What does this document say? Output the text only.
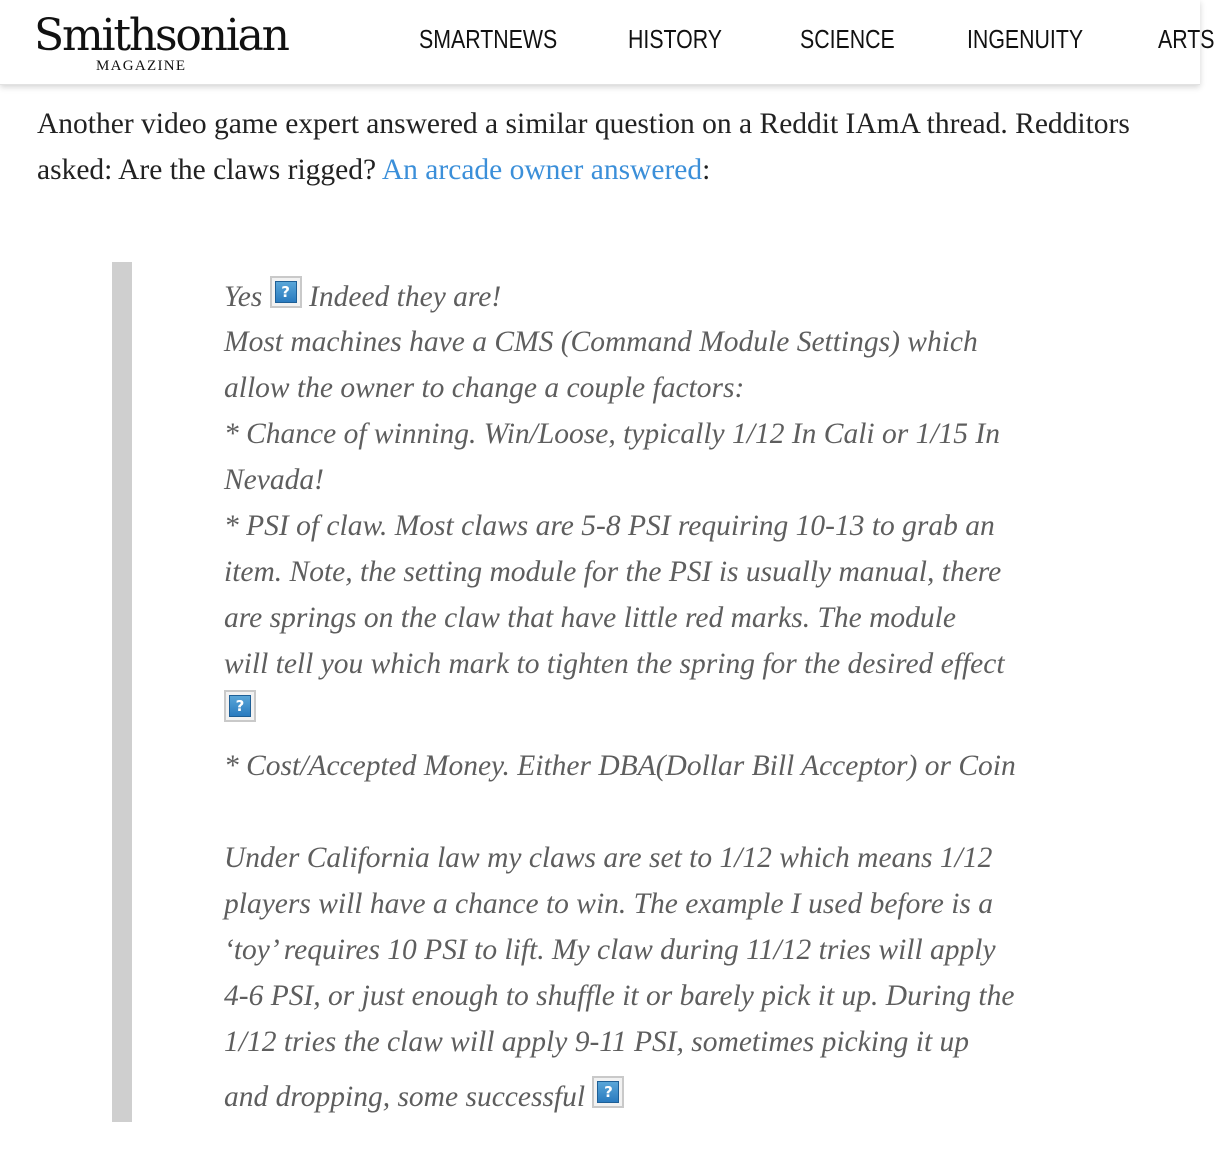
Smithsonian
MAGAZINE
SMARTNEWS	HISTORY	SCIENCE	INGENUITY	ARTS

Another video game expert answered a similar question on a Reddit IAmA thread. Redditors asked: Are the claws rigged? An arcade owner answered:

Yes	? Indeed they are!
Most machines have a CMS (Command Module Settings) which
allow the owner to change a couple factors:
* Chance of winning. Win/Loose, typically 1/12 In Cali or 1/15 In
Nevada!
* PSI of claw. Most claws are 5-8 PSI requiring 10-13 to grab an
item. Note, the setting module for the PSI is usually manual, there
are springs on the claw that have little red marks. The module
will tell you which mark to tighten the spring for the desired effect
?
* Cost/Accepted Money. Either DBA(Dollar Bill Acceptor) or Coin
Under California law my claws are set to 1/12 which means 1/12
players will have a chance to win. The example I used before is a
‘toy’ requires 10 PSI to lift. My claw during 11/12 tries will apply
4-6 PSI, or just enough to shuffle it or barely pick it up. During the
1/12 tries the claw will apply 9-11 PSI, sometimes picking it up
and dropping, some successful	?
